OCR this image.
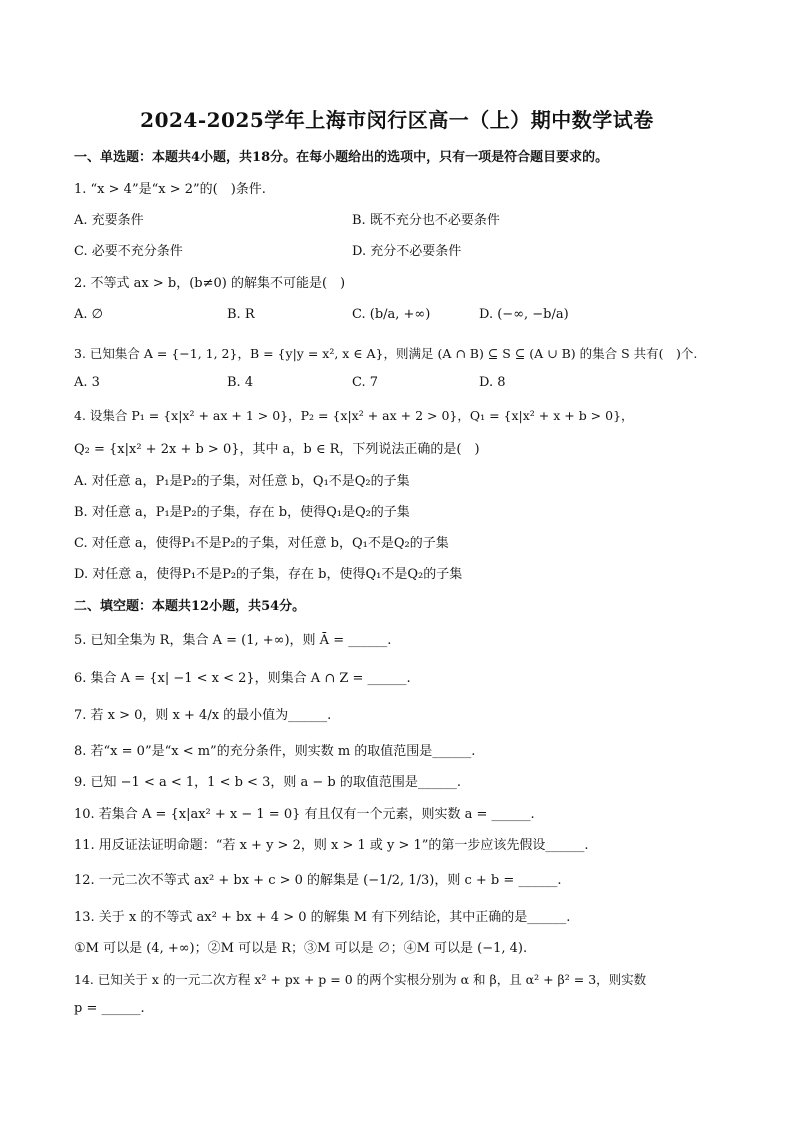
2024-2025学年上海市闵行区高一（上）期中数学试卷
一、单选题：本题共4小题，共18分。在每小题给出的选项中，只有一项是符合题目要求的。
1. “x > 4”是“x > 2”的(　)条件.
A. 充要条件	B. 既不充分也不必要条件
C. 必要不充分条件	D. 充分不必要条件
2. 不等式 ax > b，(b≠0) 的解集不可能是(　)
A. ∅	B. R	C. (b/a, +∞)	D. (−∞, −b/a)
3. 已知集合 A = {−1, 1, 2}，B = {y|y = x², x ∈ A}，则满足 (A ∩ B) ⊆ S ⊆ (A ∪ B) 的集合 S 共有(　)个.
A. 3	B. 4	C. 7	D. 8
4. 设集合 P₁ = {x|x² + ax + 1 > 0}，P₂ = {x|x² + ax + 2 > 0}，Q₁ = {x|x² + x + b > 0}，
Q₂ = {x|x² + 2x + b > 0}，其中 a，b ∈ R，下列说法正确的是(　)
A. 对任意 a，P₁是P₂的子集，对任意 b，Q₁不是Q₂的子集
B. 对任意 a，P₁是P₂的子集，存在 b，使得Q₁是Q₂的子集
C. 对任意 a，使得P₁不是P₂的子集，对任意 b，Q₁不是Q₂的子集
D. 对任意 a，使得P₁不是P₂的子集，存在 b，使得Q₁不是Q₂的子集
二、填空题：本题共12小题，共54分。
5. 已知全集为 R，集合 A = (1, +∞)，则 Ā = ______.
6. 集合 A = {x| −1 < x < 2}，则集合 A ∩ Z = ______.
7. 若 x > 0，则 x + 4/x 的最小值为______.
8. 若“x = 0”是“x < m”的充分条件，则实数 m 的取值范围是______.
9. 已知 −1 < a < 1，1 < b < 3，则 a − b 的取值范围是______.
10. 若集合 A = {x|ax² + x − 1 = 0} 有且仅有一个元素，则实数 a = ______.
11. 用反证法证明命题：“若 x + y > 2，则 x > 1 或 y > 1”的第一步应该先假设______.
12. 一元二次不等式 ax² + bx + c > 0 的解集是 (−1/2, 1/3)，则 c + b = ______.
13. 关于 x 的不等式 ax² + bx + 4 > 0 的解集 M 有下列结论，其中正确的是______.
①M 可以是 (4, +∞)；②M 可以是 R；③M 可以是 ∅；④M 可以是 (−1, 4).
14. 已知关于 x 的一元二次方程 x² + px + p = 0 的两个实根分别为 α 和 β，且 α² + β² = 3，则实数
p = ______.
